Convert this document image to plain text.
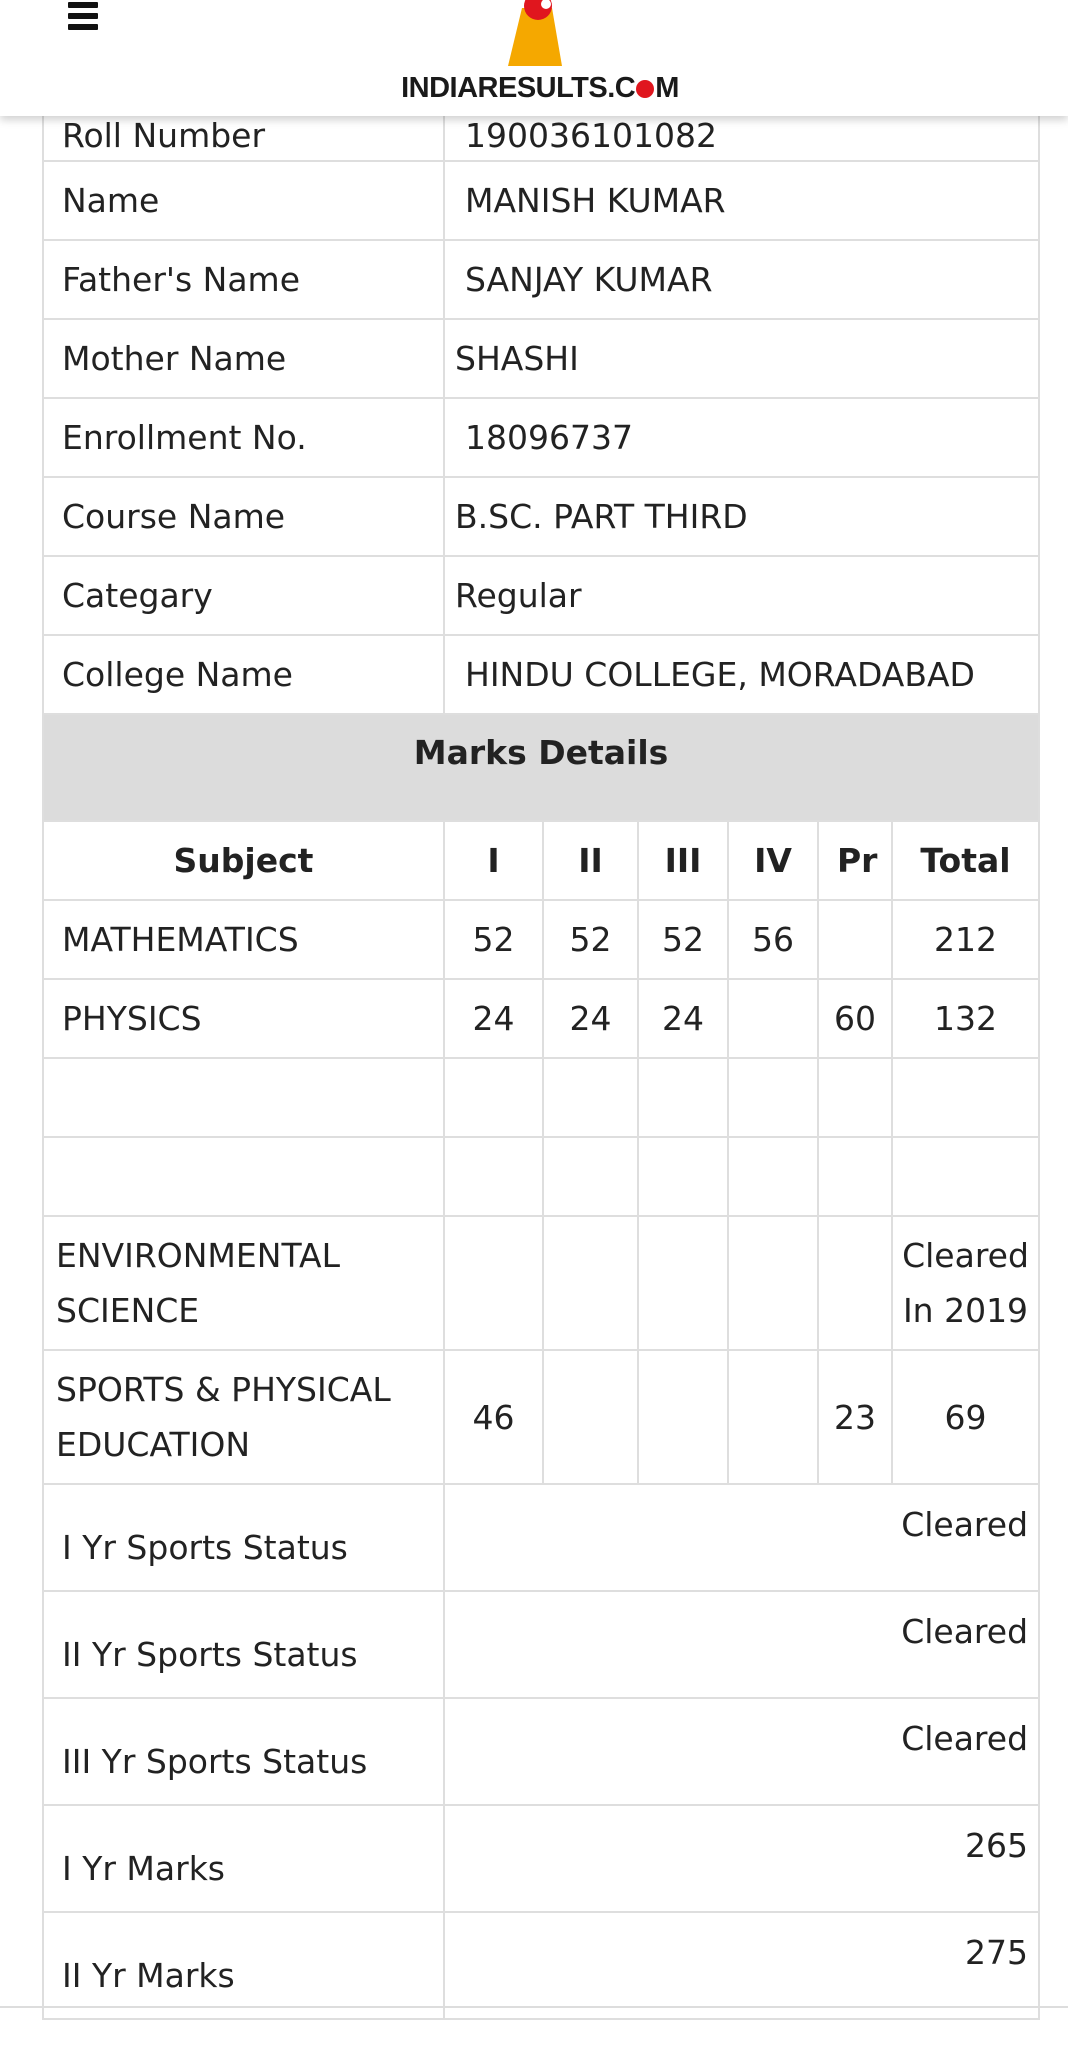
Roll Number	190036101082					
Name	MANISH KUMAR					
Father's Name	SANJAY KUMAR					
Mother Name	SHASHI					
Enrollment No.	18096737					
Course Name	B.SC. PART THIRD					
Categary	Regular					
College Name	HINDU COLLEGE, MORADABAD					
Marks Details						
Subject	I	II	III	IV	Pr	Total
MATHEMATICS	52	52	52	56		212
PHYSICS	24	24	24		60	132

ENVIRONMENTAL SCIENCE						Cleared In 2019
SPORTS & PHYSICAL EDUCATION	46				23	69
I Yr Sports Status	Cleared					
II Yr Sports Status	Cleared					
III Yr Sports Status	Cleared					
I Yr Marks	265					
II Yr Marks	275					
INDIARESULTS.C M
